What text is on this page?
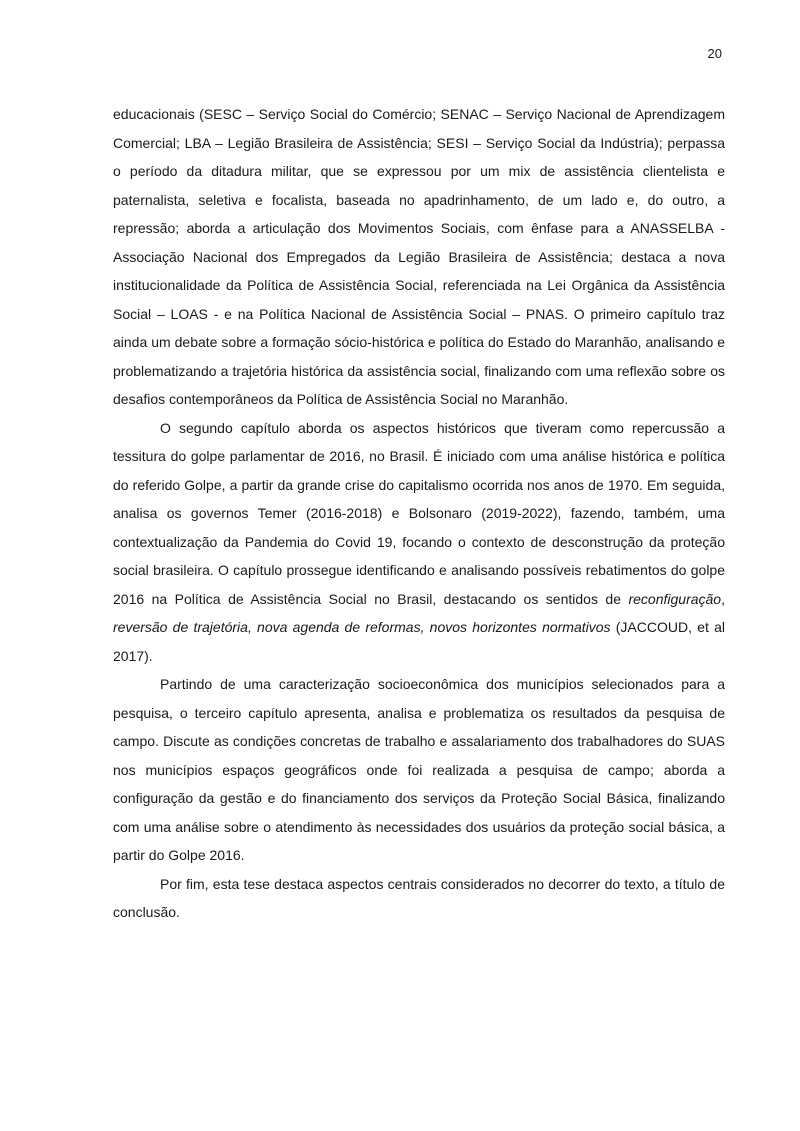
20

educacionais (SESC – Serviço Social do Comércio; SENAC – Serviço Nacional de Aprendizagem Comercial; LBA – Legião Brasileira de Assistência; SESI – Serviço Social da Indústria); perpassa o período da ditadura militar, que se expressou por um mix de assistência clientelista e paternalista, seletiva e focalista, baseada no apadrinhamento, de um lado e, do outro, a repressão; aborda a articulação dos Movimentos Sociais, com ênfase para a ANASSELBA - Associação Nacional dos Empregados da Legião Brasileira de Assistência; destaca a nova institucionalidade da Política de Assistência Social, referenciada na Lei Orgânica da Assistência Social – LOAS - e na Política Nacional de Assistência Social – PNAS. O primeiro capítulo traz ainda um debate sobre a formação sócio-histórica e política do Estado do Maranhão, analisando e problematizando a trajetória histórica da assistência social, finalizando com uma reflexão sobre os desafios contemporâneos da Política de Assistência Social no Maranhão.

O segundo capítulo aborda os aspectos históricos que tiveram como repercussão a tessitura do golpe parlamentar de 2016, no Brasil. É iniciado com uma análise histórica e política do referido Golpe, a partir da grande crise do capitalismo ocorrida nos anos de 1970. Em seguida, analisa os governos Temer (2016-2018) e Bolsonaro (2019-2022), fazendo, também, uma contextualização da Pandemia do Covid 19, focando o contexto de desconstrução da proteção social brasileira. O capítulo prossegue identificando e analisando possíveis rebatimentos do golpe 2016 na Política de Assistência Social no Brasil, destacando os sentidos de reconfiguração, reversão de trajetória, nova agenda de reformas, novos horizontes normativos (JACCOUD, et al 2017).

Partindo de uma caracterização socioeconômica dos municípios selecionados para a pesquisa, o terceiro capítulo apresenta, analisa e problematiza os resultados da pesquisa de campo. Discute as condições concretas de trabalho e assalariamento dos trabalhadores do SUAS nos municípios espaços geográficos onde foi realizada a pesquisa de campo; aborda a configuração da gestão e do financiamento dos serviços da Proteção Social Básica, finalizando com uma análise sobre o atendimento às necessidades dos usuários da proteção social básica, a partir do Golpe 2016.

Por fim, esta tese destaca aspectos centrais considerados no decorrer do texto, a título de conclusão.
